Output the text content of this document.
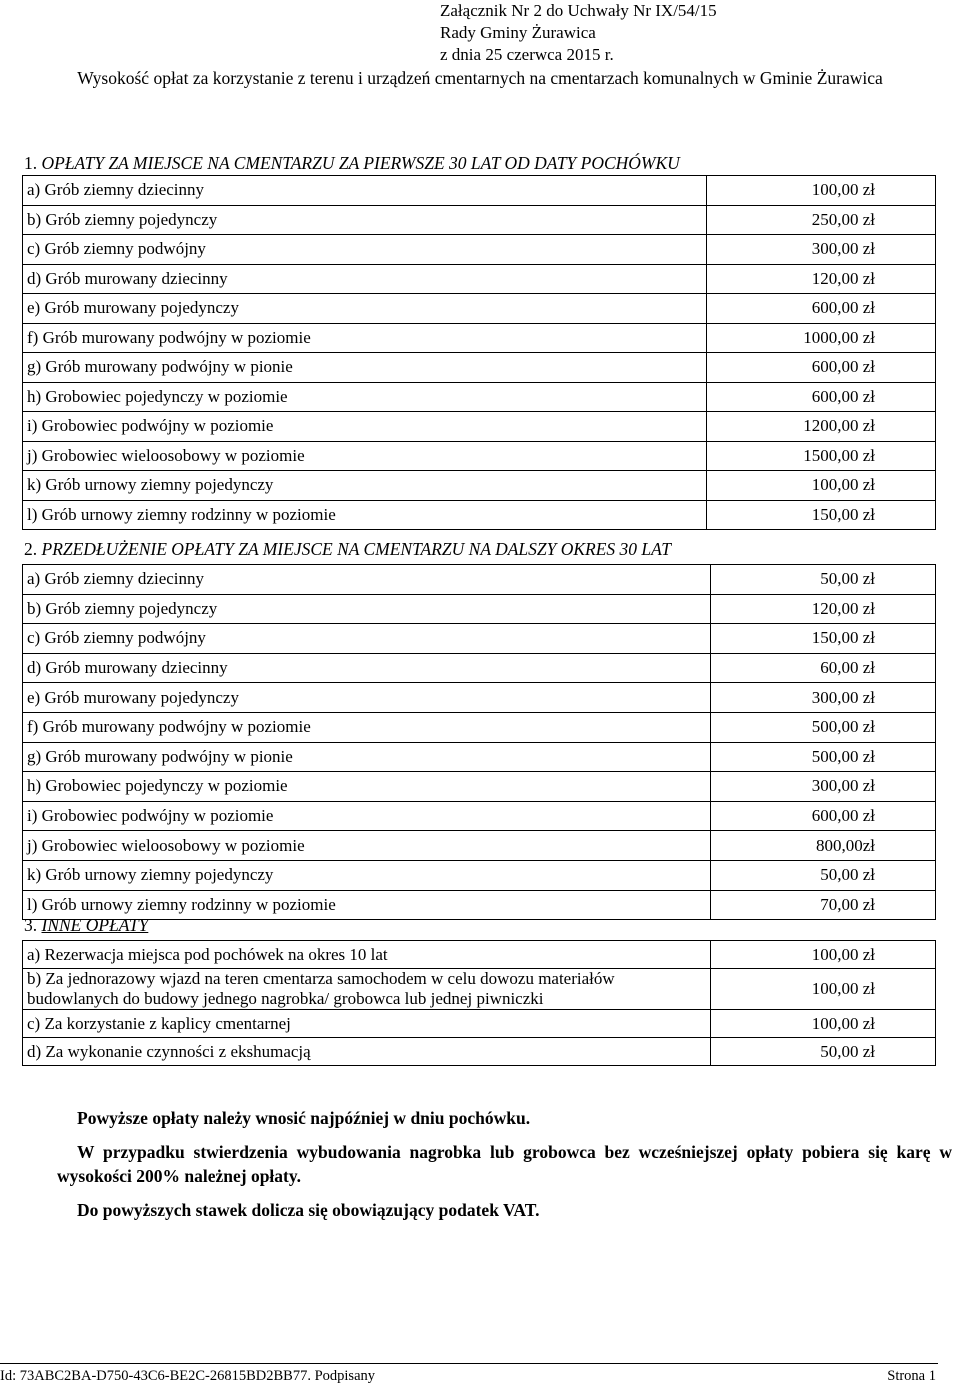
Załącznik Nr 2 do Uchwały Nr IX/54/15
Rady Gminy Żurawica
z dnia 25 czerwca 2015 r.
Wysokość opłat za korzystanie z terenu i urządzeń cmentarnych na cmentarzach komunalnych w Gminie Żurawica
1. OPŁATY ZA MIEJSCE NA CMENTARZU ZA PIERWSZE 30 LAT OD DATY POCHÓWKU
a) Grób ziemny dziecinny	100,00 zł
b) Grób ziemny pojedynczy	250,00 zł
c) Grób ziemny podwójny	300,00 zł
d) Grób murowany dziecinny	120,00 zł
e) Grób murowany pojedynczy	600,00 zł
f) Grób murowany podwójny w poziomie	1000,00 zł
g) Grób murowany podwójny w pionie	600,00 zł
h) Grobowiec pojedynczy w poziomie	600,00 zł
i) Grobowiec podwójny w poziomie	1200,00 zł
j) Grobowiec wieloosobowy w poziomie	1500,00 zł
k) Grób urnowy ziemny pojedynczy	100,00 zł
l) Grób urnowy ziemny rodzinny w poziomie	150,00 zł
2. PRZEDŁUŻENIE OPŁATY ZA MIEJSCE NA CMENTARZU NA DALSZY OKRES 30 LAT
a) Grób ziemny dziecinny	50,00 zł
b) Grób ziemny pojedynczy	120,00 zł
c) Grób ziemny podwójny	150,00 zł
d) Grób murowany dziecinny	60,00 zł
e) Grób murowany pojedynczy	300,00 zł
f) Grób murowany podwójny w poziomie	500,00 zł
g) Grób murowany podwójny w pionie	500,00 zł
h) Grobowiec pojedynczy w poziomie	300,00 zł
i) Grobowiec podwójny w poziomie	600,00 zł
j) Grobowiec wieloosobowy w poziomie	800,00zł
k) Grób urnowy ziemny pojedynczy	50,00 zł
l) Grób urnowy ziemny rodzinny w poziomie	70,00 zł
3. INNE OPŁATY
a) Rezerwacja miejsca pod pochówek na okres 10 lat	100,00 zł
b) Za jednorazowy wjazd na teren cmentarza samochodem w celu dowozu materiałów budowlanych do budowy jednego nagrobka/ grobowca lub jednej piwniczki	100,00 zł
c) Za korzystanie z kaplicy cmentarnej	100,00 zł
d) Za wykonanie czynności z ekshumacją	50,00 zł

Powyższe opłaty należy wnosić najpóźniej w dniu pochówku.

W przypadku stwierdzenia wybudowania nagrobka lub grobowca bez wcześniejszej opłaty pobiera się karę w wysokości 200% należnej opłaty.

Do powyższych stawek dolicza się obowiązujący podatek VAT.

Id: 73ABC2BA-D750-43C6-BE2C-26815BD2BB77. Podpisany	Strona 1
